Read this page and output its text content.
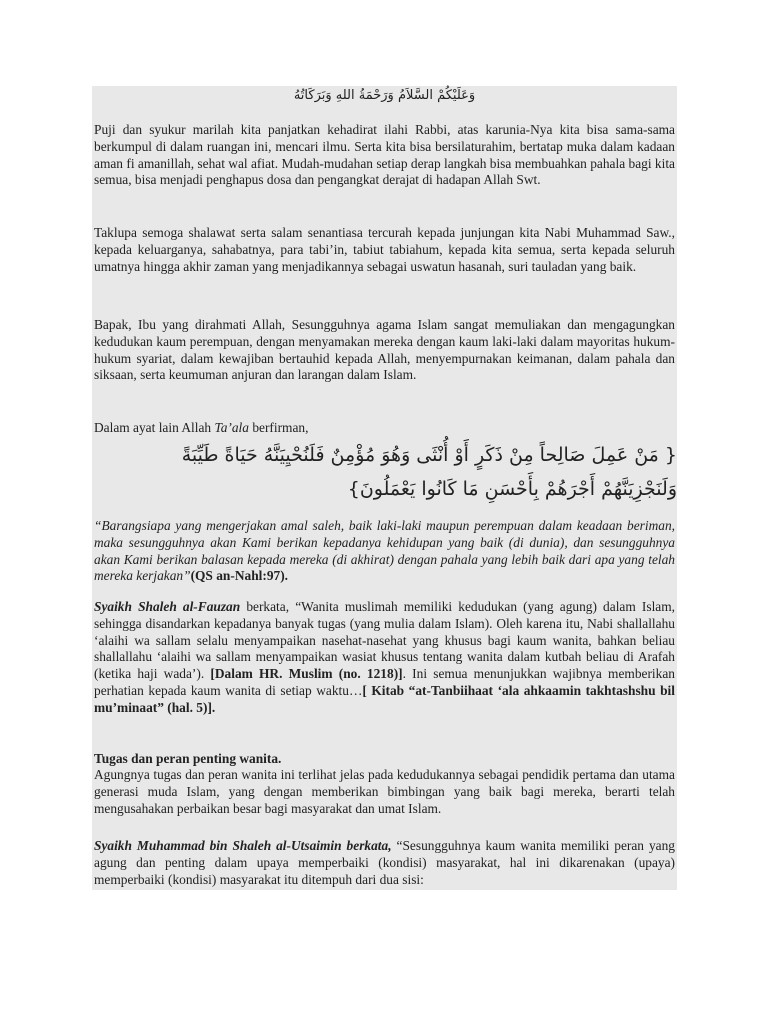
وَعَلَيْكُمْ السَّلاَمُ وَرَحْمَةُ اللهِ وَبَرَكَاتُهُ

Puji dan syukur marilah kita panjatkan kehadirat ilahi Rabbi, atas karunia-Nya kita bisa sama-sama berkumpul di dalam ruangan ini, mencari ilmu. Serta kita bisa bersilaturahim, bertatap muka dalam kadaan aman fi amanillah, sehat wal afiat. Mudah-mudahan setiap derap langkah bisa membuahkan pahala bagi kita semua, bisa menjadi penghapus dosa dan pengangkat derajat di hadapan Allah Swt.

Taklupa semoga shalawat serta salam senantiasa tercurah kepada junjungan kita Nabi Muhammad Saw., kepada keluarganya, sahabatnya, para tabi’in, tabiut tabiahum, kepada kita semua, serta kepada seluruh umatnya hingga akhir zaman yang menjadikannya sebagai uswatun hasanah, suri tauladan yang baik.

Bapak, Ibu yang dirahmati Allah, Sesungguhnya agama Islam sangat memuliakan dan mengagungkan kedudukan kaum perempuan, dengan menyamakan mereka dengan kaum laki-laki dalam mayoritas hukum-hukum syariat, dalam kewajiban bertauhid kepada Allah, menyempurnakan keimanan, dalam pahala dan siksaan, serta keumuman anjuran dan larangan dalam Islam.

Dalam ayat lain Allah Ta’ala berfirman,

{ مَنْ عَمِلَ صَالِحاً مِنْ ذَكَرٍ أَوْ أُنْثَى وَهُوَ مُؤْمِنٌ فَلَنُحْيِيَنَّهُ حَيَاةً طَيِّبَةً
وَلَنَجْزِيَنَّهُمْ أَجْرَهُمْ بِأَحْسَنِ مَا كَانُوا يَعْمَلُونَ}

“Barangsiapa yang mengerjakan amal saleh, baik laki-laki maupun perempuan dalam keadaan beriman, maka sesungguhnya akan Kami berikan kepadanya kehidupan yang baik (di dunia), dan sesungguhnya akan Kami berikan balasan kepada mereka (di akhirat) dengan pahala yang lebih baik dari apa yang telah mereka kerjakan”(QS an-Nahl:97).

Syaikh Shaleh al-Fauzan berkata, “Wanita muslimah memiliki kedudukan (yang agung) dalam Islam, sehingga disandarkan kepadanya banyak tugas (yang mulia dalam Islam). Oleh karena itu, Nabi shallallahu ‘alaihi wa sallam selalu menyampaikan nasehat-nasehat yang khusus bagi kaum wanita, bahkan beliau shallallahu ‘alaihi wa sallam menyampaikan wasiat khusus tentang wanita dalam kutbah beliau di Arafah (ketika haji wada’). [Dalam HR. Muslim (no. 1218)]. Ini semua menunjukkan wajibnya memberikan perhatian kepada kaum wanita di setiap waktu…[ Kitab “at-Tanbiihaat ‘ala ahkaamin takhtashshu bil mu’minaat” (hal. 5)].

Tugas dan peran penting wanita.

Agungnya tugas dan peran wanita ini terlihat jelas pada kedudukannya sebagai pendidik pertama dan utama generasi muda Islam, yang dengan memberikan bimbingan yang baik bagi mereka, berarti telah mengusahakan perbaikan besar bagi masyarakat dan umat Islam.

Syaikh Muhammad bin Shaleh al-Utsaimin berkata, “Sesungguhnya kaum wanita memiliki peran yang agung dan penting dalam upaya memperbaiki (kondisi) masyarakat, hal ini dikarenakan (upaya) memperbaiki (kondisi) masyarakat itu ditempuh dari dua sisi:
